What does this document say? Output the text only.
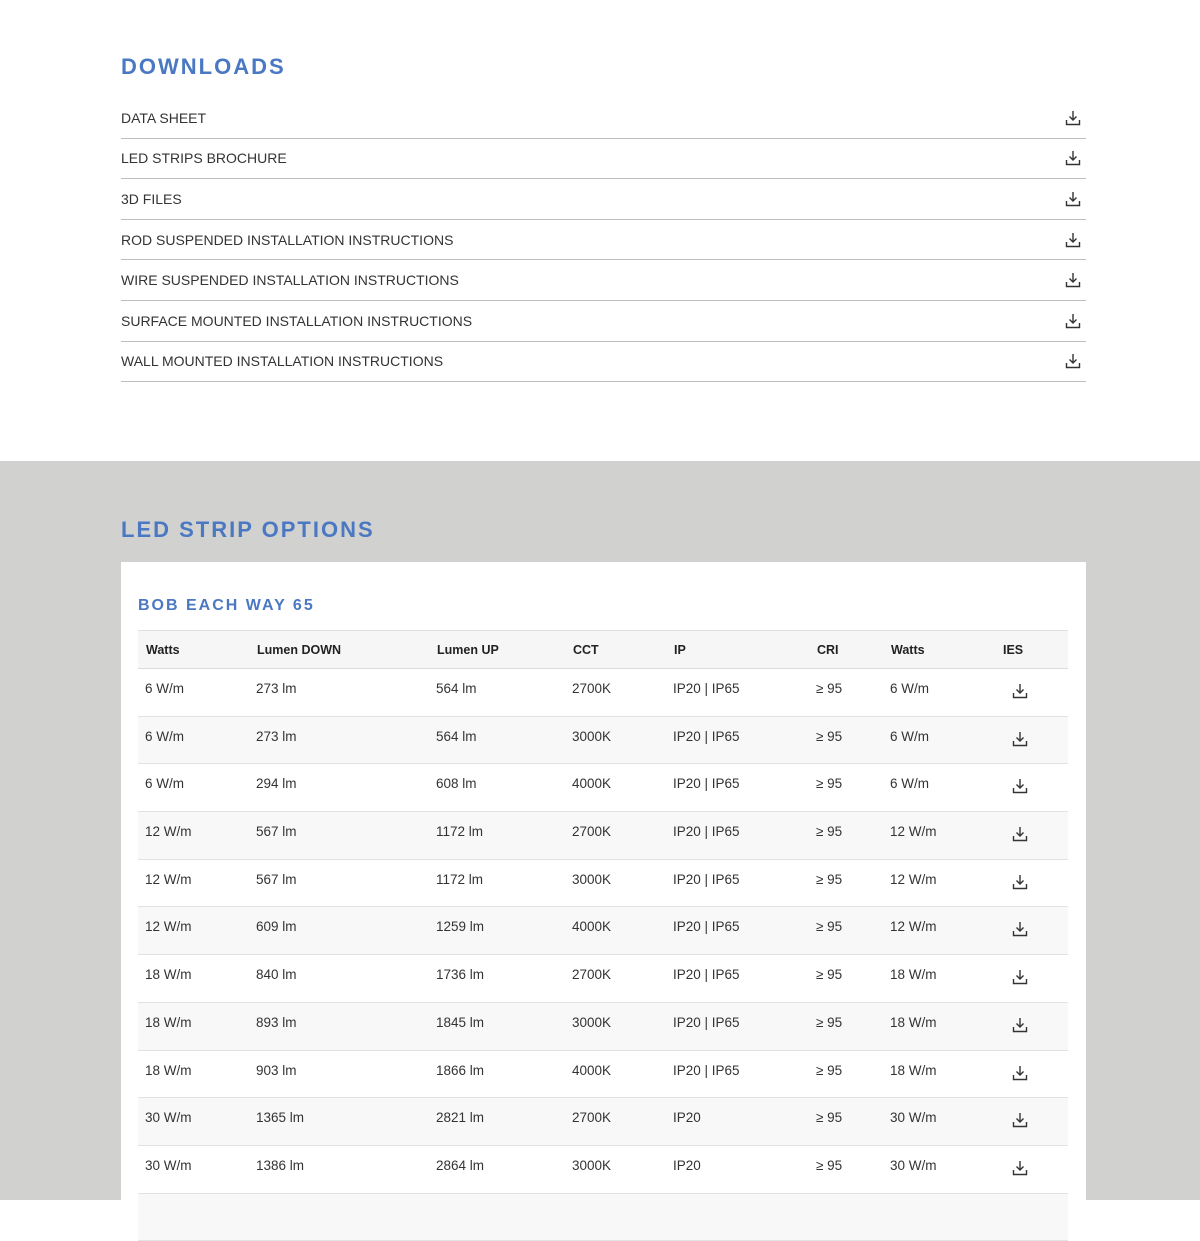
DOWNLOADS
DATA SHEET
LED STRIPS BROCHURE
3D FILES
ROD SUSPENDED INSTALLATION INSTRUCTIONS
WIRE SUSPENDED INSTALLATION INSTRUCTIONS
SURFACE MOUNTED INSTALLATION INSTRUCTIONS
WALL MOUNTED INSTALLATION INSTRUCTIONS
LED STRIP OPTIONS
BOB EACH WAY 65
Watts	Lumen DOWN	Lumen UP	CCT	IP	CRI	Watts	IES
6 W/m	273 lm	564 lm	2700K	IP20 | IP65	≥ 95	6 W/m	
6 W/m	273 lm	564 lm	3000K	IP20 | IP65	≥ 95	6 W/m	
6 W/m	294 lm	608 lm	4000K	IP20 | IP65	≥ 95	6 W/m	
12 W/m	567 lm	1172 lm	2700K	IP20 | IP65	≥ 95	12 W/m	
12 W/m	567 lm	1172 lm	3000K	IP20 | IP65	≥ 95	12 W/m	
12 W/m	609 lm	1259 lm	4000K	IP20 | IP65	≥ 95	12 W/m	
18 W/m	840 lm	1736 lm	2700K	IP20 | IP65	≥ 95	18 W/m	
18 W/m	893 lm	1845 lm	3000K	IP20 | IP65	≥ 95	18 W/m	
18 W/m	903 lm	1866 lm	4000K	IP20 | IP65	≥ 95	18 W/m	
30 W/m	1365 lm	2821 lm	2700K	IP20	≥ 95	30 W/m	
30 W/m	1386 lm	2864 lm	3000K	IP20	≥ 95	30 W/m	
